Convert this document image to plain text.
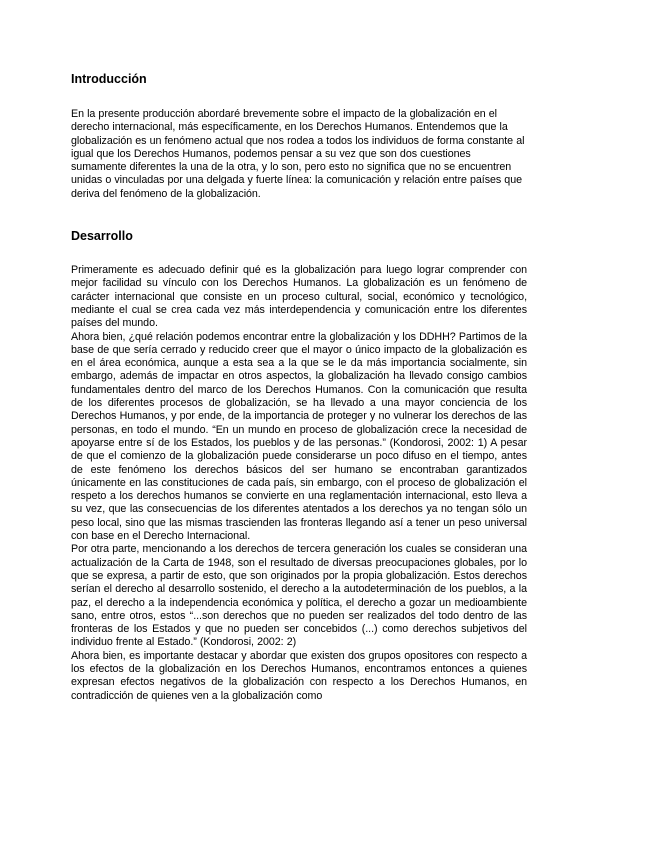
Introducción

En la presente producción abordaré brevemente sobre el impacto de la globalización en el derecho internacional, más específicamente, en los Derechos Humanos. Entendemos que la globalización es un fenómeno actual que nos rodea a todos los individuos de forma constante al igual que los Derechos Humanos, podemos pensar a su vez que son dos cuestiones sumamente diferentes la una de la otra, y lo son, pero esto no significa que no se encuentren unidas o vinculadas por una delgada y fuerte línea: la comunicación y relación entre países que deriva del fenómeno de la globalización.

Desarrollo

Primeramente es adecuado definir qué es la globalización para luego lograr comprender con mejor facilidad su vínculo con los Derechos Humanos. La globalización es un fenómeno de carácter internacional que consiste en un proceso cultural, social, económico y tecnológico, mediante el cual se crea cada vez más interdependencia y comunicación entre los diferentes países del mundo.

Ahora bien, ¿qué relación podemos encontrar entre la globalización y los DDHH? Partimos de la base de que sería cerrado y reducido creer que el mayor o único impacto de la globalización es en el área económica, aunque a esta sea a la que se le da más importancia socialmente, sin embargo, además de impactar en otros aspectos, la globalización ha llevado consigo cambios fundamentales dentro del marco de los Derechos Humanos. Con la comunicación que resulta de los diferentes procesos de globalización, se ha llevado a una mayor conciencia de los Derechos Humanos, y por ende, de la importancia de proteger y no vulnerar los derechos de las personas, en todo el mundo. “En un mundo en proceso de globalización crece la necesidad de apoyarse entre sí de los Estados, los pueblos y de las personas.” (Kondorosi, 2002: 1) A pesar de que el comienzo de la globalización puede considerarse un poco difuso en el tiempo, antes de este fenómeno los derechos básicos del ser humano se encontraban garantizados únicamente en las constituciones de cada país, sin embargo, con el proceso de globalización el respeto a los derechos humanos se convierte en una reglamentación internacional, esto lleva a su vez, que las consecuencias de los diferentes atentados a los derechos ya no tengan sólo un peso local, sino que las mismas trascienden las fronteras llegando así a tener un peso universal con base en el Derecho Internacional.

Por otra parte, mencionando a los derechos de tercera generación los cuales se consideran una actualización de la Carta de 1948, son el resultado de diversas preocupaciones globales, por lo que se expresa, a partir de esto, que son originados por la propia globalización. Estos derechos serían el derecho al desarrollo sostenido, el derecho a la autodeterminación de los pueblos, a la paz, el derecho a la independencia económica y política, el derecho a gozar un medioambiente sano, entre otros, estos “...son derechos que no pueden ser realizados del todo dentro de las fronteras de los Estados y que no pueden ser concebidos (...) como derechos subjetivos del individuo frente al Estado.” (Kondorosi, 2002: 2)

Ahora bien, es importante destacar y abordar que existen dos grupos opositores con respecto a los efectos de la globalización en los Derechos Humanos, encontramos entonces a quienes expresan efectos negativos de la globalización con respecto a los Derechos Humanos, en contradicción de quienes ven a la globalización como
